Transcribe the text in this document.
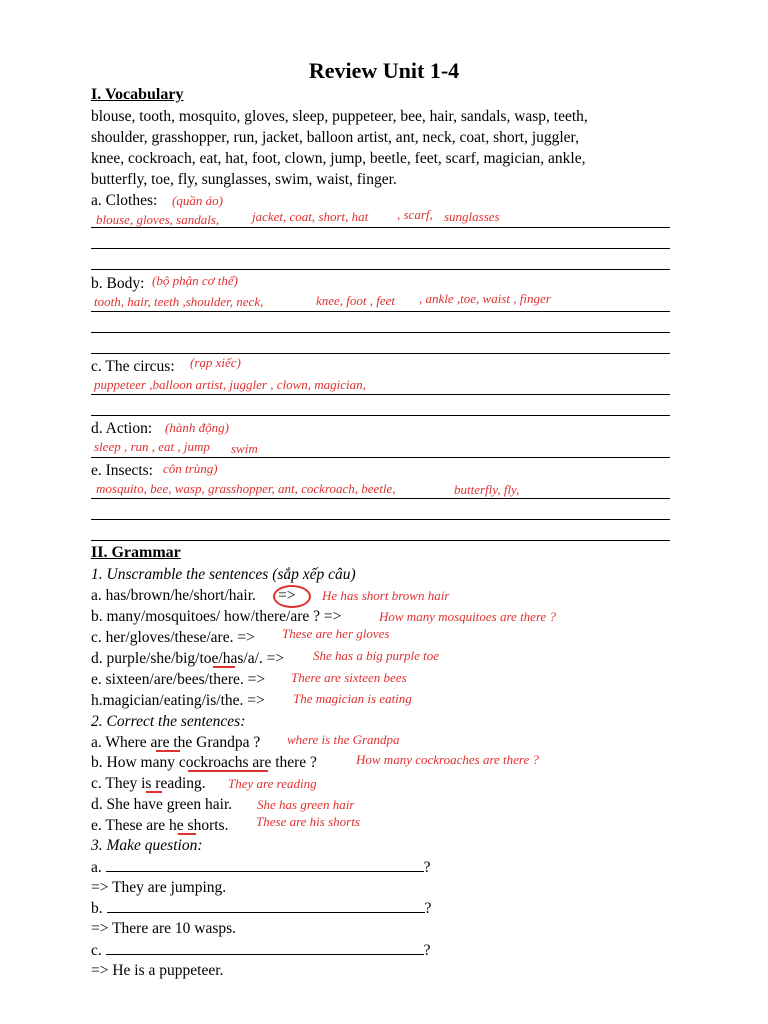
Review Unit 1-4
I. Vocabulary
blouse, tooth, mosquito, gloves, sleep, puppeteer, bee, hair, sandals, wasp, teeth,
shoulder, grasshopper, run, jacket, balloon artist, ant, neck, coat, short, juggler,
knee, cockroach, eat, hat, foot, clown, jump, beetle, feet, scarf, magician, ankle,
butterfly, toe, fly, sunglasses, swim, waist, finger.
a. Clothes: (quần áo)
blouse, gloves, sandals,	jacket, coat, short, hat , scarf, sunglasses
b. Body: (bộ phận cơ thể)
tooth, hair, teeth ,shoulder, neck,	knee, foot , feet , ankle ,toe, waist , finger
c. The circus: (rạp xiếc)
puppeteer ,balloon artist, juggler , clown, magician,
d. Action: (hành động)
sleep , run , eat , jump swim
e. Insects: côn trùng)
mosquito, bee, wasp, grasshopper, ant, cockroach, beetle,	butterfly, fly,
II. Grammar
1. Unscramble the sentences (sắp xếp câu)
a. has/brown/he/short/hair. => He has short brown hair
b. many/mosquitoes/ how/there/are ? =>	How many mosquitoes are there ?
c. her/gloves/these/are. => These are her gloves
d. purple/she/big/toe/has/a/. => She has a big purple toe
e. sixteen/are/bees/there. => There are sixteen bees
h.magician/eating/is/the. => The magician is eating
2. Correct the sentences:
a. Where are the Grandpa ? where is the Grandpa
b. How many cockroachs are there ?	How many cockroaches are there ?
c. They is reading. They are reading
d. She have green hair. She has green hair
e. These are he shorts. These are his shorts
3. Make question:
a.	?
=> They are jumping.
b.	?
=> There are 10 wasps.
c.	?
=> He is a puppeteer.
